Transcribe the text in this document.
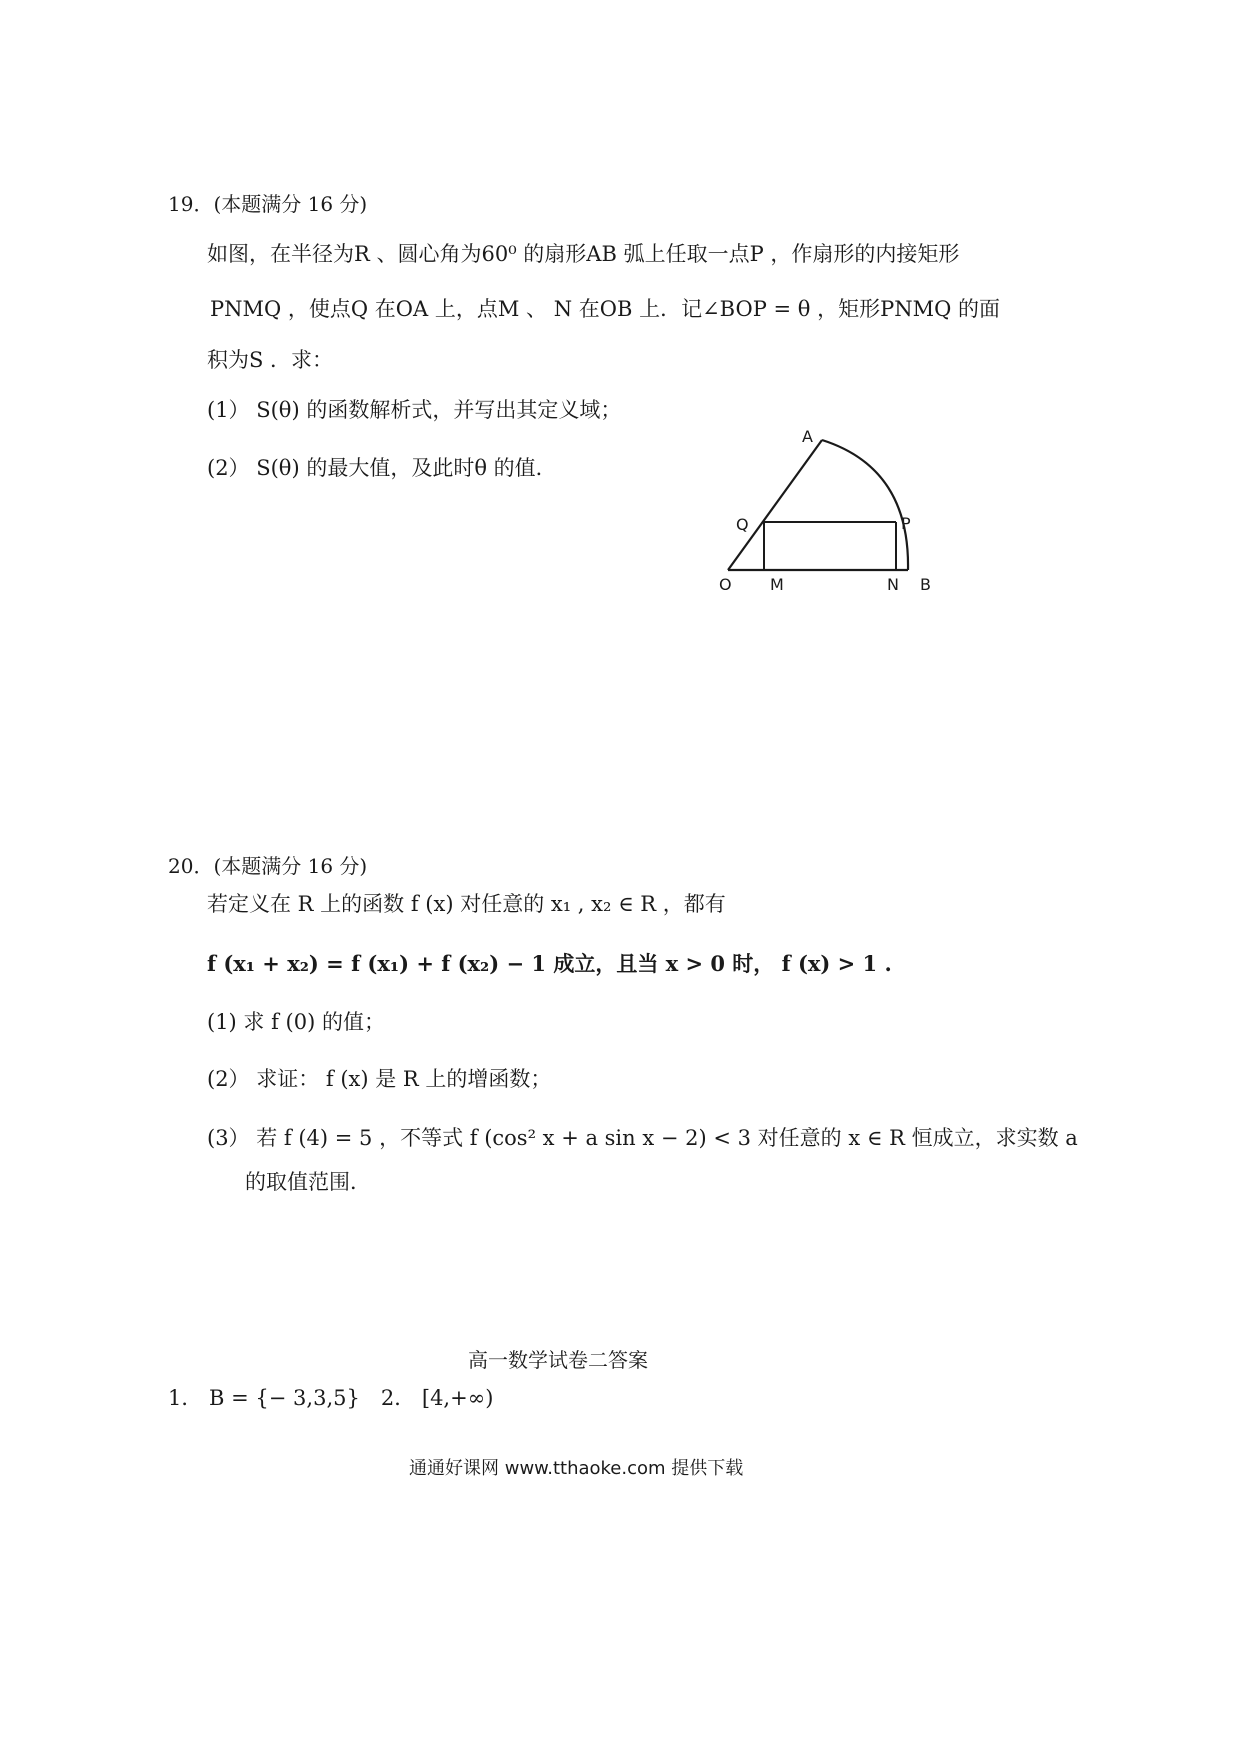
19．(本题满分 16 分)
如图，在半径为R 、圆心角为60⁰ 的扇形AB 弧上任取一点P ，作扇形的内接矩形
PNMQ ，使点Q 在OA 上，点M 、 N 在OB 上．记∠BOP = θ ，矩形PNMQ 的面
积为S ．求：
(1） S(θ) 的函数解析式，并写出其定义域；
(2） S(θ) 的最大值，及此时θ 的值．
A
Q	P
O M	N B
20．(本题满分 16 分)
若定义在 R 上的函数 f (x) 对任意的 x₁ , x₂ ∈ R ，都有
f (x₁ + x₂) = f (x₁) + f (x₂) − 1 成立，且当 x > 0 时， f (x) > 1 .
(1) 求 f (0) 的值；
(2） 求证： f (x) 是 R 上的增函数；
(3） 若 f (4) = 5 ，不等式 f (cos² x + a sin x − 2) < 3 对任意的 x ∈ R 恒成立，求实数 a
的取值范围．
高一数学试卷二答案
1． B = {− 3,3,5}　2． [4,+∞)
通通好课网 www.tthaoke.com 提供下载
